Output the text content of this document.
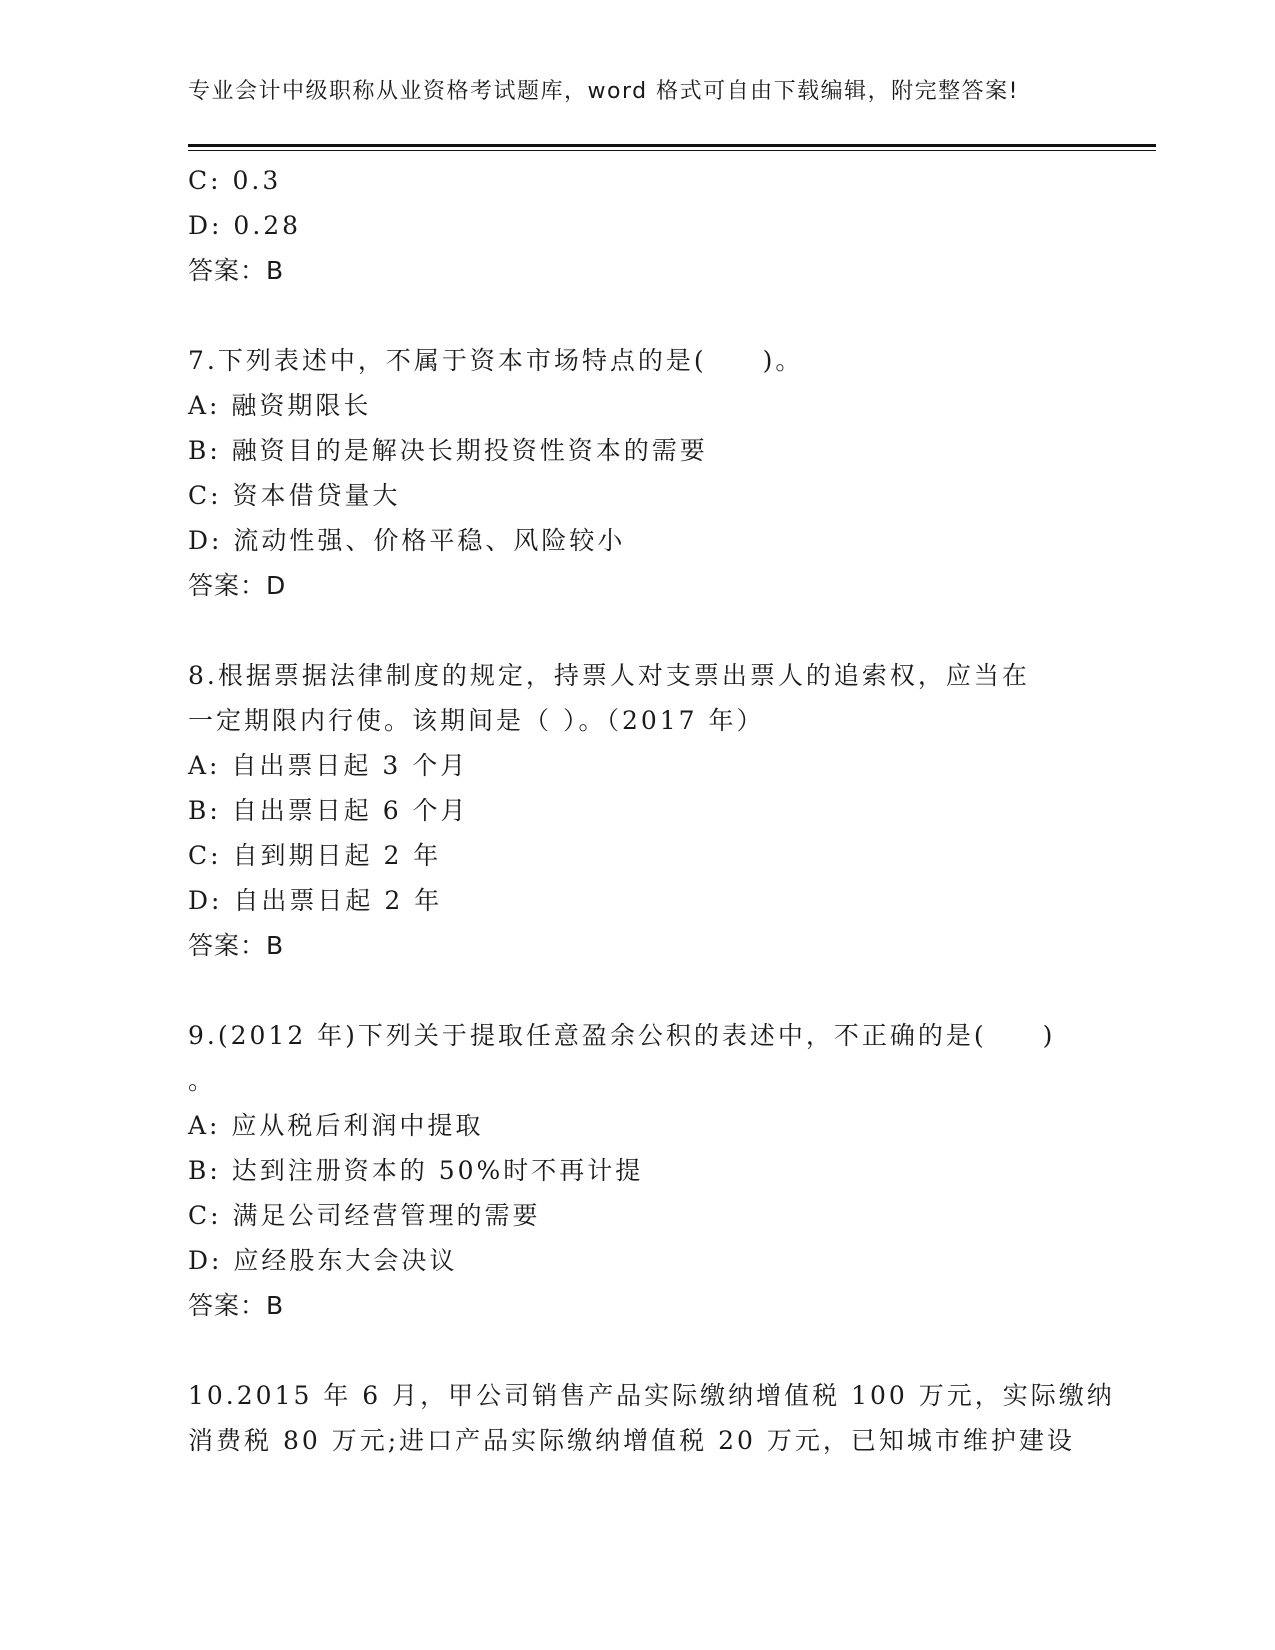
专业会计中级职称从业资格考试题库，word 格式可自由下载编辑，附完整答案!
C: 0.3
D: 0.28
答案：B
7.下列表述中，不属于资本市场特点的是(　　)。
A: 融资期限长
B: 融资目的是解决长期投资性资本的需要
C: 资本借贷量大
D: 流动性强、价格平稳、风险较小
答案：D
8.根据票据法律制度的规定，持票人对支票出票人的追索权，应当在
一定期限内行使。该期间是（ ）。（2017 年）
A: 自出票日起 3 个月
B: 自出票日起 6 个月
C: 自到期日起 2 年
D: 自出票日起 2 年
答案：B
9.(2012 年)下列关于提取任意盈余公积的表述中，不正确的是(　　)
。
A: 应从税后利润中提取
B: 达到注册资本的 50%时不再计提
C: 满足公司经营管理的需要
D: 应经股东大会决议
答案：B
10.2015 年 6 月，甲公司销售产品实际缴纳增值税 100 万元，实际缴纳
消费税 80 万元;进口产品实际缴纳增值税 20 万元，已知城市维护建设
